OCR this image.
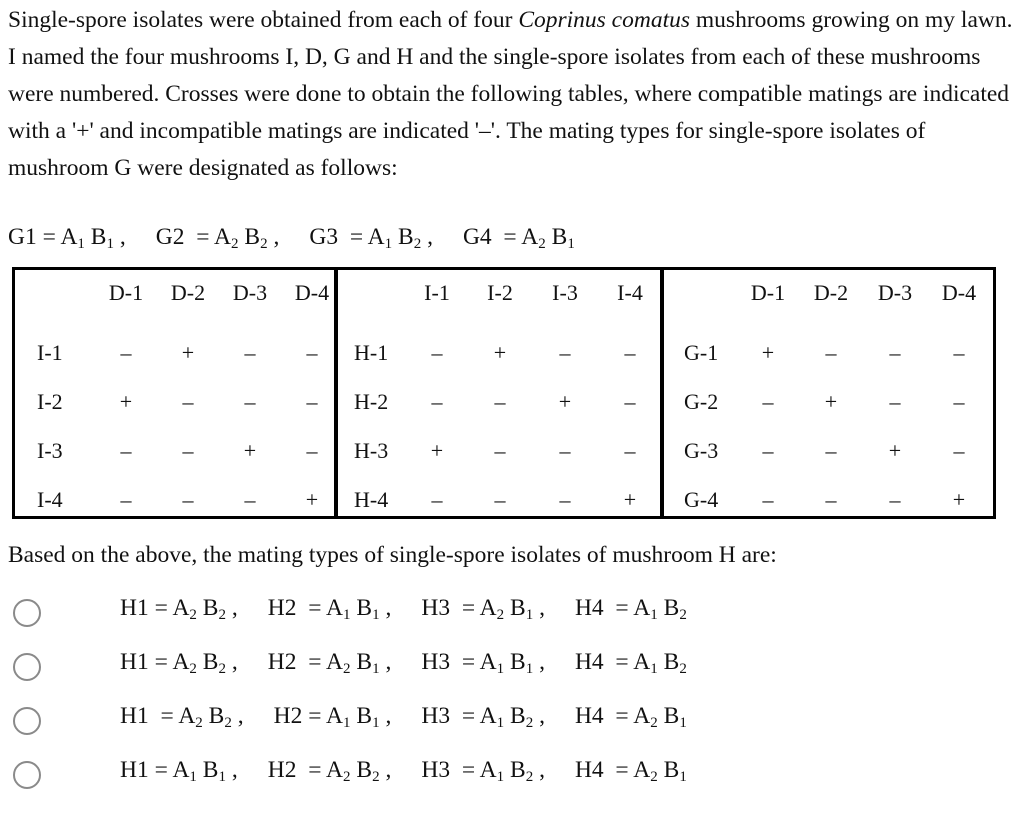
Single-spore isolates were obtained from each of four Coprinus comatus mushrooms growing on my lawn. I named the four mushrooms I, D, G and H and the single-spore isolates from each of these mushrooms were numbered. Crosses were done to obtain the following tables, where compatible matings are indicated with a '+' and incompatible matings are indicated '–'. The mating types for single-spore isolates of mushroom G were designated as follows:

$G1 = A_1$ $B_1$ , $G2 = A_2$ $B_2$ , $G3 = A_1$ $B_2$ , $G4 = A_2$ $B_1$
D-1	D-2	D-3	D-4
I-1	–	+	–	–
I-2	+	–	–	–
I-3	–	–	+	–
I-4	–	–	–	+
I-1	I-2	I-3	I-4
H-1	–	+	–	–
H-2	–	–	+	–
H-3	+	–	–	–
H-4	–	–	–	+
D-1	D-2	D-3	D-4
G-1	+	–	–	–
G-2	–	+	–	–
G-3	–	–	+	–
G-4	–	–	–	+
Based on the above, the mating types of single-spore isolates of mushroom H are:
$H1 = A_2$ $B_2$ , $H2 = A_1$ $B_1$ , $H3 = A_2$ $B_1$ , $H4 = A_1$ $B_2$
$H1 = A_2$ $B_2$ , $H2 = A_2$ $B_1$ , $H3 = A_1$ $B_1$ , $H4 = A_1$ $B_2$
$H1 = A_2$ $B_2$ , $H2 = A_1$ $B_1$ , $H3 = A_1$ $B_2$ , $H4 = A_2$ $B_1$
$H1 = A_1$ $B_1$ , $H2 = A_2$ $B_2$ , $H3 = A_1$ $B_2$ , $H4 = A_2$ $B_1$
